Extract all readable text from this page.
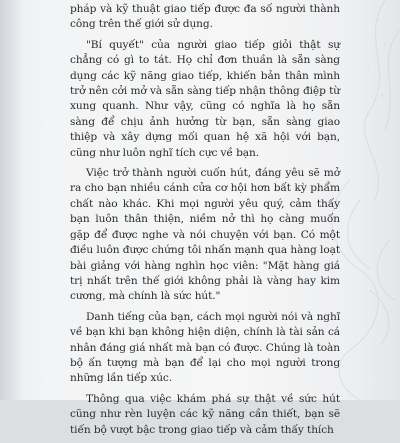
pháp và kỹ thuật giao tiếp được đa số người thành công trên thế giới sử dụng.

"Bí quyết" của người giao tiếp giỏi thật sự chẳng có gì to tát. Họ chỉ đơn thuần là sẵn sàng dụng các kỹ năng giao tiếp, khiến bản thân mình trở nên cởi mở và sẵn sàng tiếp nhận thông điệp từ xung quanh. Như vậy, cũng có nghĩa là họ sẵn sàng để chịu ảnh hưởng từ bạn, sẵn sàng giao thiệp và xây dựng mối quan hệ xã hội với bạn, cũng như luôn nghĩ tích cực về bạn.

Việc trở thành người cuốn hút, đáng yêu sẽ mở ra cho bạn nhiều cánh cửa cơ hội hơn bất kỳ phẩm chất nào khác. Khi mọi người yêu quý, cảm thấy bạn luôn thân thiện, niềm nở thì họ càng muốn gặp để được nghe và nói chuyện với bạn. Có một điều luôn được chứng tôi nhấn mạnh qua hàng loạt bài giảng với hàng nghìn học viên: "Mặt hàng giá trị nhất trên thế giới không phải là vàng hay kim cương, mà chính là sức hút."

Danh tiếng của bạn, cách mọi người nói và nghĩ về bạn khi bạn không hiện diện, chính là tài sản cá nhân đáng giá nhất mà bạn có được. Chúng là toàn bộ ấn tượng mà bạn để lại cho mọi người trong những lần tiếp xúc.

Thông qua việc khám phá sự thật về sức hút cũng như rèn luyện các kỹ năng cần thiết, bạn sẽ tiến bộ vượt bậc trong giao tiếp và cảm thấy thích
